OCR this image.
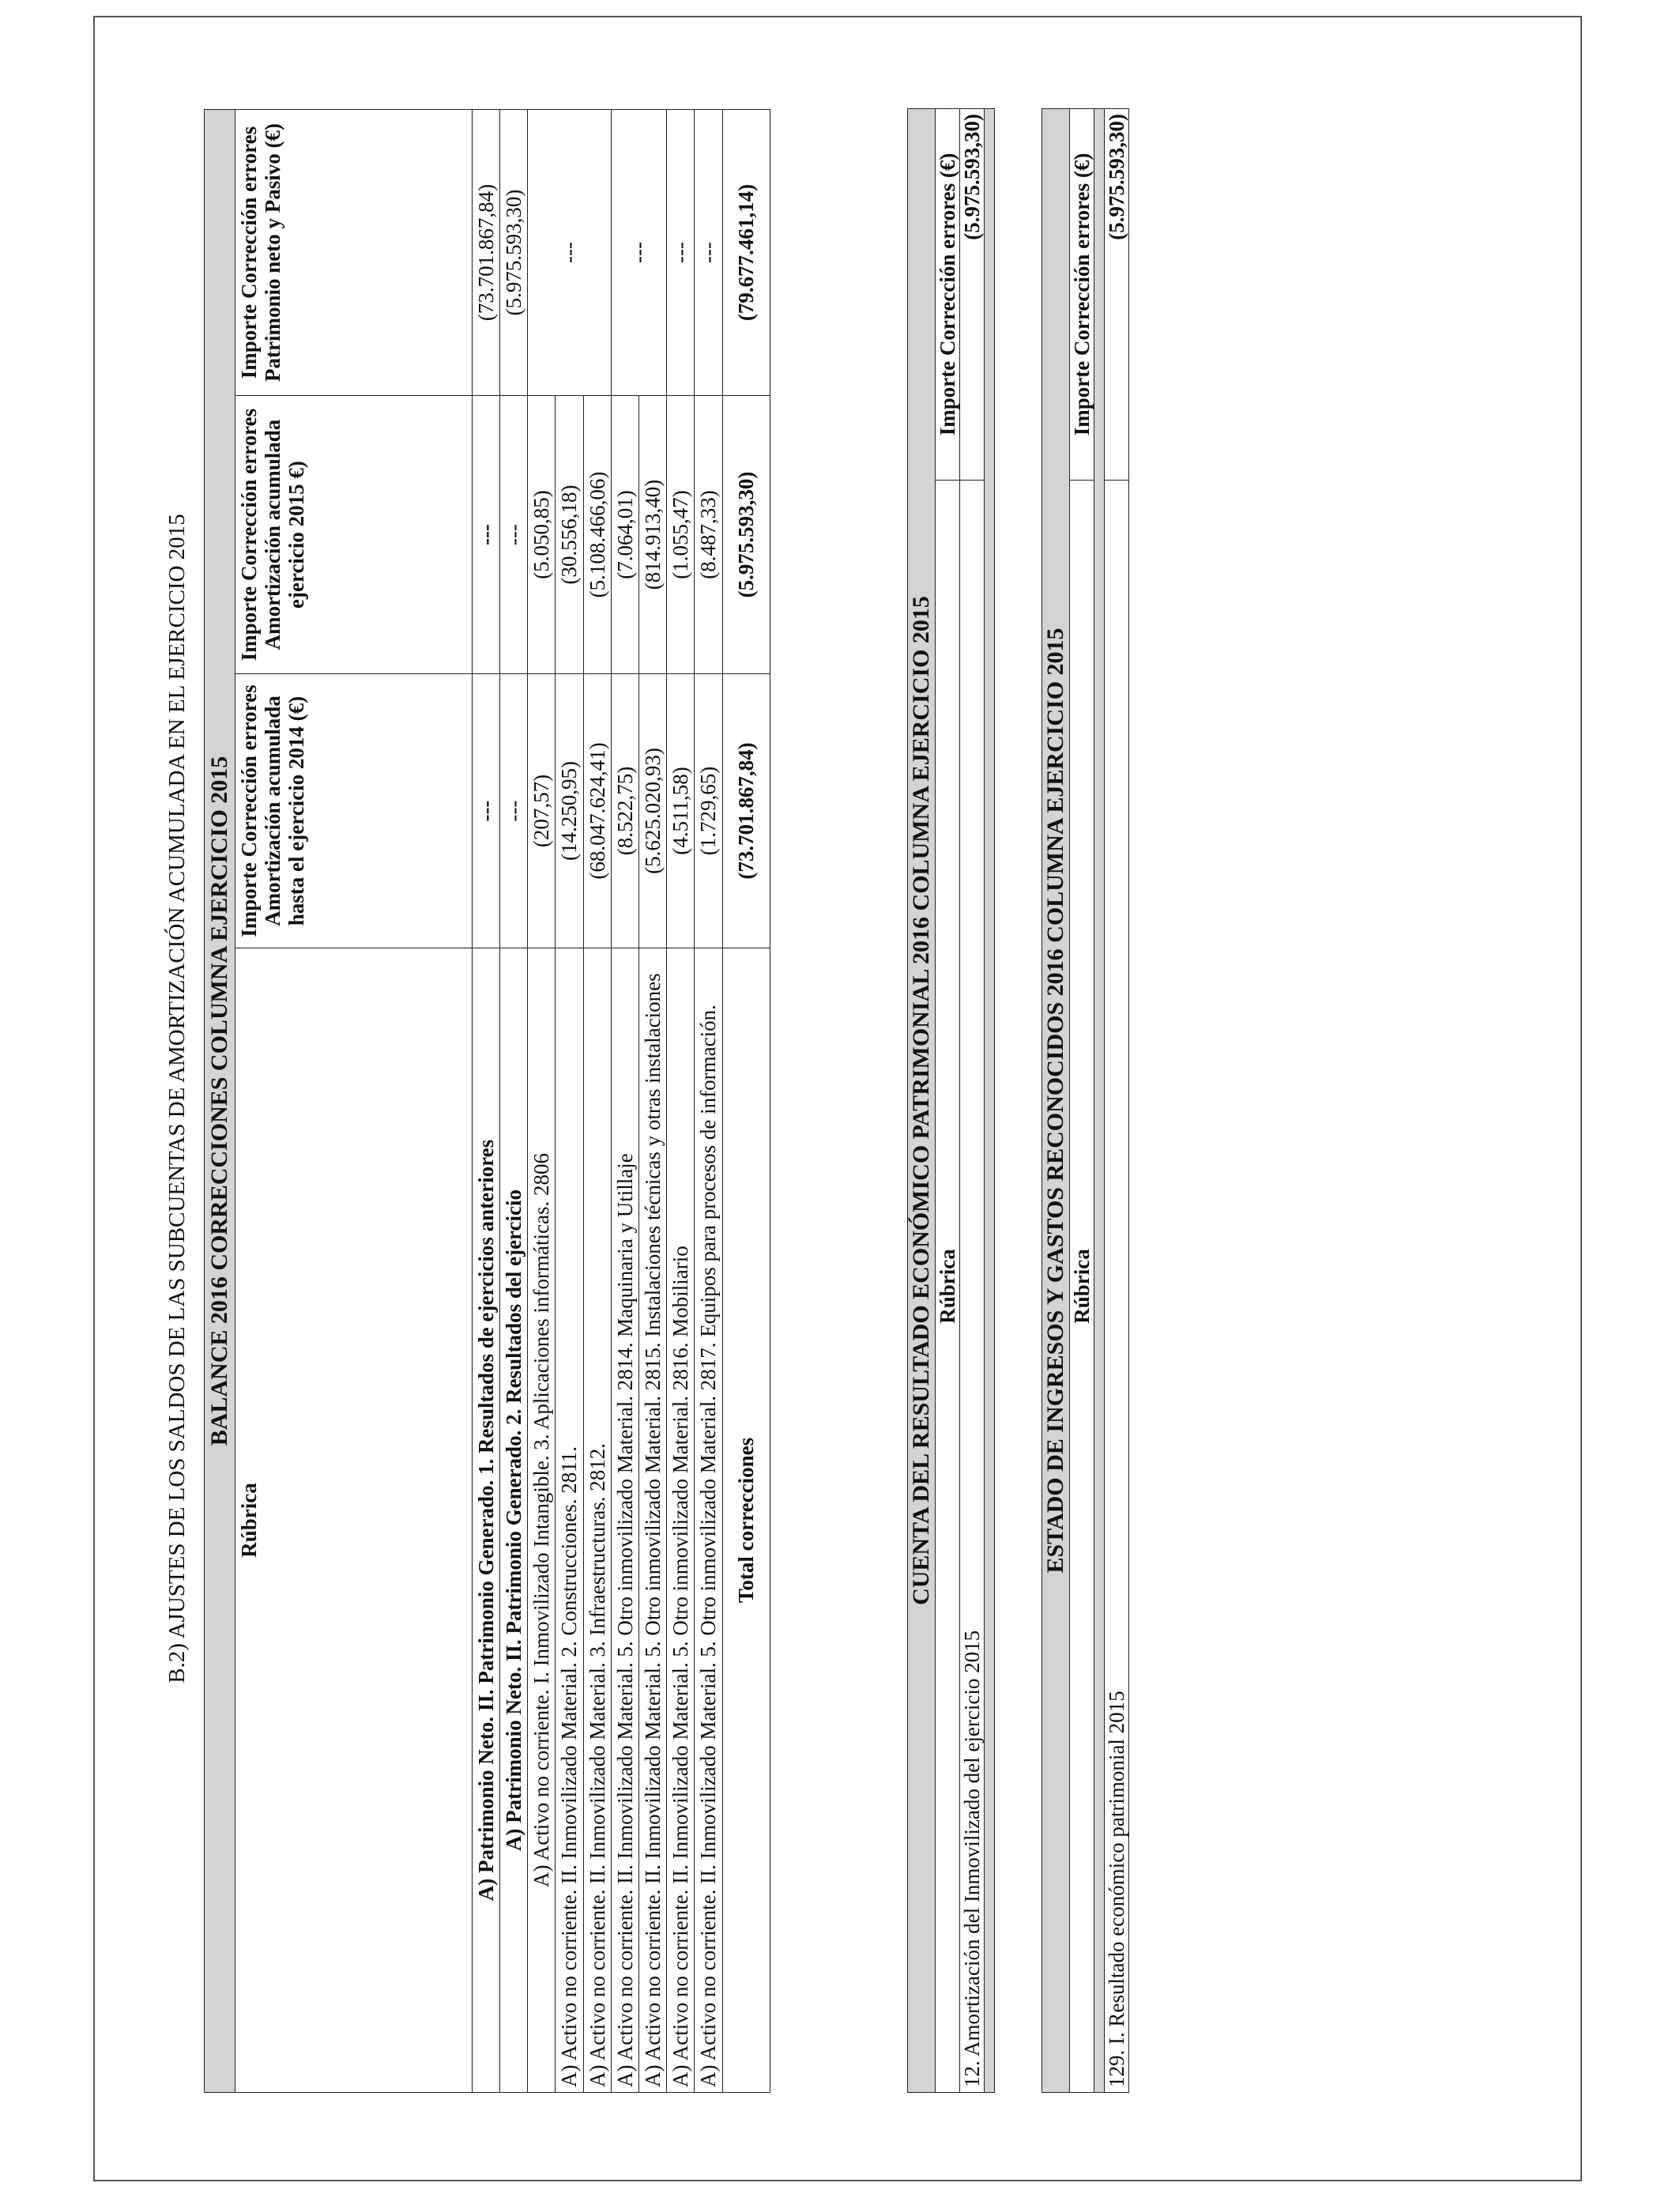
B.2) AJUSTES DE LOS SALDOS DE LAS SUBCUENTAS DE AMORTIZACIÓN ACUMULADA EN EL EJERCICIO 2015 BALANCE 2016 CORRECCIONES COLUMNA EJERCICIO 2015			
Rúbrica	Importe Corrección errores Amortización acumulada hasta el ejercicio 2014 (€)	Importe Corrección errores Amortización acumulada ejercicio 2015 €)	Importe Corrección errores Patrimonio neto y Pasivo (€)
A) Patrimonio Neto. II. Patrimonio Generado. 1. Resultados de ejercicios anteriores	---	---	(73.701.867,84)
A) Patrimonio Neto. II. Patrimonio Generado. 2. Resultados del ejercicio	---	---	(5.975.593,30)
A) Activo no corriente. I. Inmovilizado Intangible. 3. Aplicaciones informáticas. 2806	(207,57)	(5.050,85)	---
A) Activo no corriente. II. Inmovilizado Material. 2. Construcciones. 2811.	(14.250,95)	(30.556,18)	
A) Activo no corriente. II. Inmovilizado Material. 3. Infraestructuras. 2812.	(68.047.624,41)	(5.108.466,06)	
A) Activo no corriente. II. Inmovilizado Material. 5. Otro inmovilizado Material. 2814. Maquinaria y Utillaje	(8.522,75)	(7.064,01)	---
A) Activo no corriente. II. Inmovilizado Material. 5. Otro inmovilizado Material. 2815. Instalaciones técnicas y otras instalaciones	(5.625.020,93)	(814.913,40)	
A) Activo no corriente. II. Inmovilizado Material. 5. Otro inmovilizado Material. 2816. Mobiliario	(4.511,58)	(1.055,47)	---
A) Activo no corriente. II. Inmovilizado Material. 5. Otro inmovilizado Material. 2817. Equipos para procesos de información.	(1.729,65)	(8.487,33)	---
Total correcciones	(73.701.867,84)	(5.975.593,30)	(79.677.461,14)
CUENTA DEL RESULTADO ECONÓMICO PATRIMONIAL 2016 COLUMNA EJERCICIO 2015	
Rúbrica	Importe Corrección errores (€)
12. Amortización del Inmovilizado del ejercicio 2015	(5.975.593,30)

ESTADO DE INGRESOS Y GASTOS RECONOCIDOS 2016 COLUMNA EJERCICIO 2015	
Rúbrica	Importe Corrección errores (€)

129. I. Resultado económico patrimonial 2015	(5.975.593,30)
